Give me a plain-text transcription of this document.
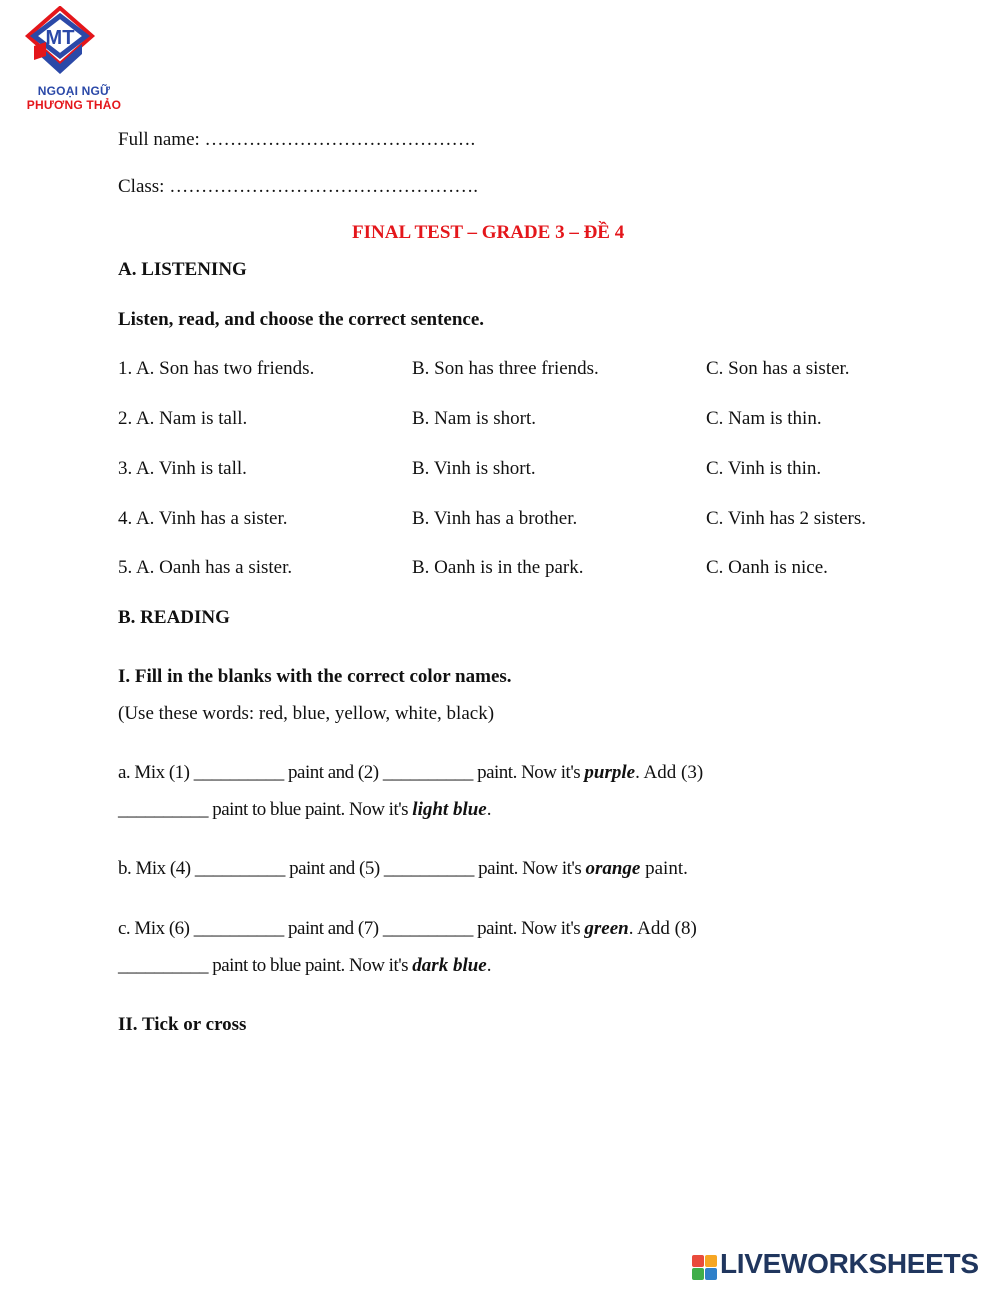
MT
NGOẠI NGỮ
PHƯƠNG THẢO
Full name: …………………………………….
Class: ………………………………………….
FINAL TEST – GRADE 3 – ĐỀ 4
A. LISTENING
Listen, read, and choose the correct sentence.
1. A. Son has two friends.	B. Son has three friends.	C. Son has a sister.
2. A. Nam is tall.	B. Nam is short.	C. Nam is thin.
3. A. Vinh is tall.	B. Vinh is short.	C. Vinh is thin.
4. A. Vinh has a sister.	B. Vinh has a brother.	C. Vinh has 2 sisters.
5. A. Oanh has a sister.	B. Oanh is in the park.	C. Oanh is nice.
B. READING
I. Fill in the blanks with the correct color names.
(Use these words: red, blue, yellow, white, black)
a. Mix (1) __________ paint and (2) __________ paint. Now it's purple. Add (3)
__________ paint to blue paint. Now it's light blue.
b. Mix (4) __________ paint and (5) __________ paint. Now it's orange paint.
c. Mix (6) __________ paint and (7) __________ paint. Now it's green. Add (8)
__________ paint to blue paint. Now it's dark blue.
II. Tick or cross
LIVEWORKSHEETS
